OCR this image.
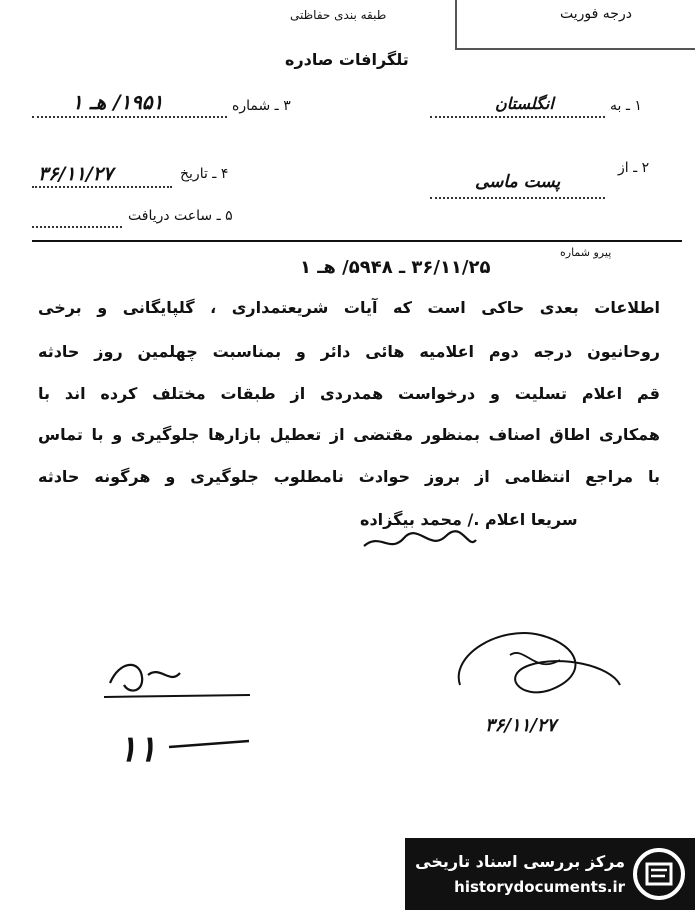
درجه فوریت
طبقه بندی حفاظتی
تلگرافات صادره
۱ ـ به
انگلستان
۳ ـ شماره
۱۹۵۱/ هـ ۱
۲ ـ از
پست ماسی
۴ ـ تاریخ
۳۶/۱۱/۲۷
۵ ـ ساعت دریافت
پیرو شماره
۳۶/۱۱/۲۵ ـ ۵۹۴۸/ هـ ۱
اطلاعات بعدی حاکی است که آیات شریعتمداری ، گلپایگانی و برخی
روحانیون درجه دوم اعلامیه هائی دائر و بمناسبت چهلمین روز حادثه
قم اعلام تسلیت و درخواست همدردی از طبقات مختلف کرده اند با
همکاری اطاق اصناف بمنظور مقتضی از تعطیل بازارها جلوگیری و با تماس
با مراجع انتظامی از بروز حوادث نامطلوب جلوگیری و هرگونه حادثه
سریعا اعلام ./ محمد بیگزاده
۳۶/۱۱/۲۷
۱۱
مرکز بررسی اسناد تاریخی
historydocuments.ir
